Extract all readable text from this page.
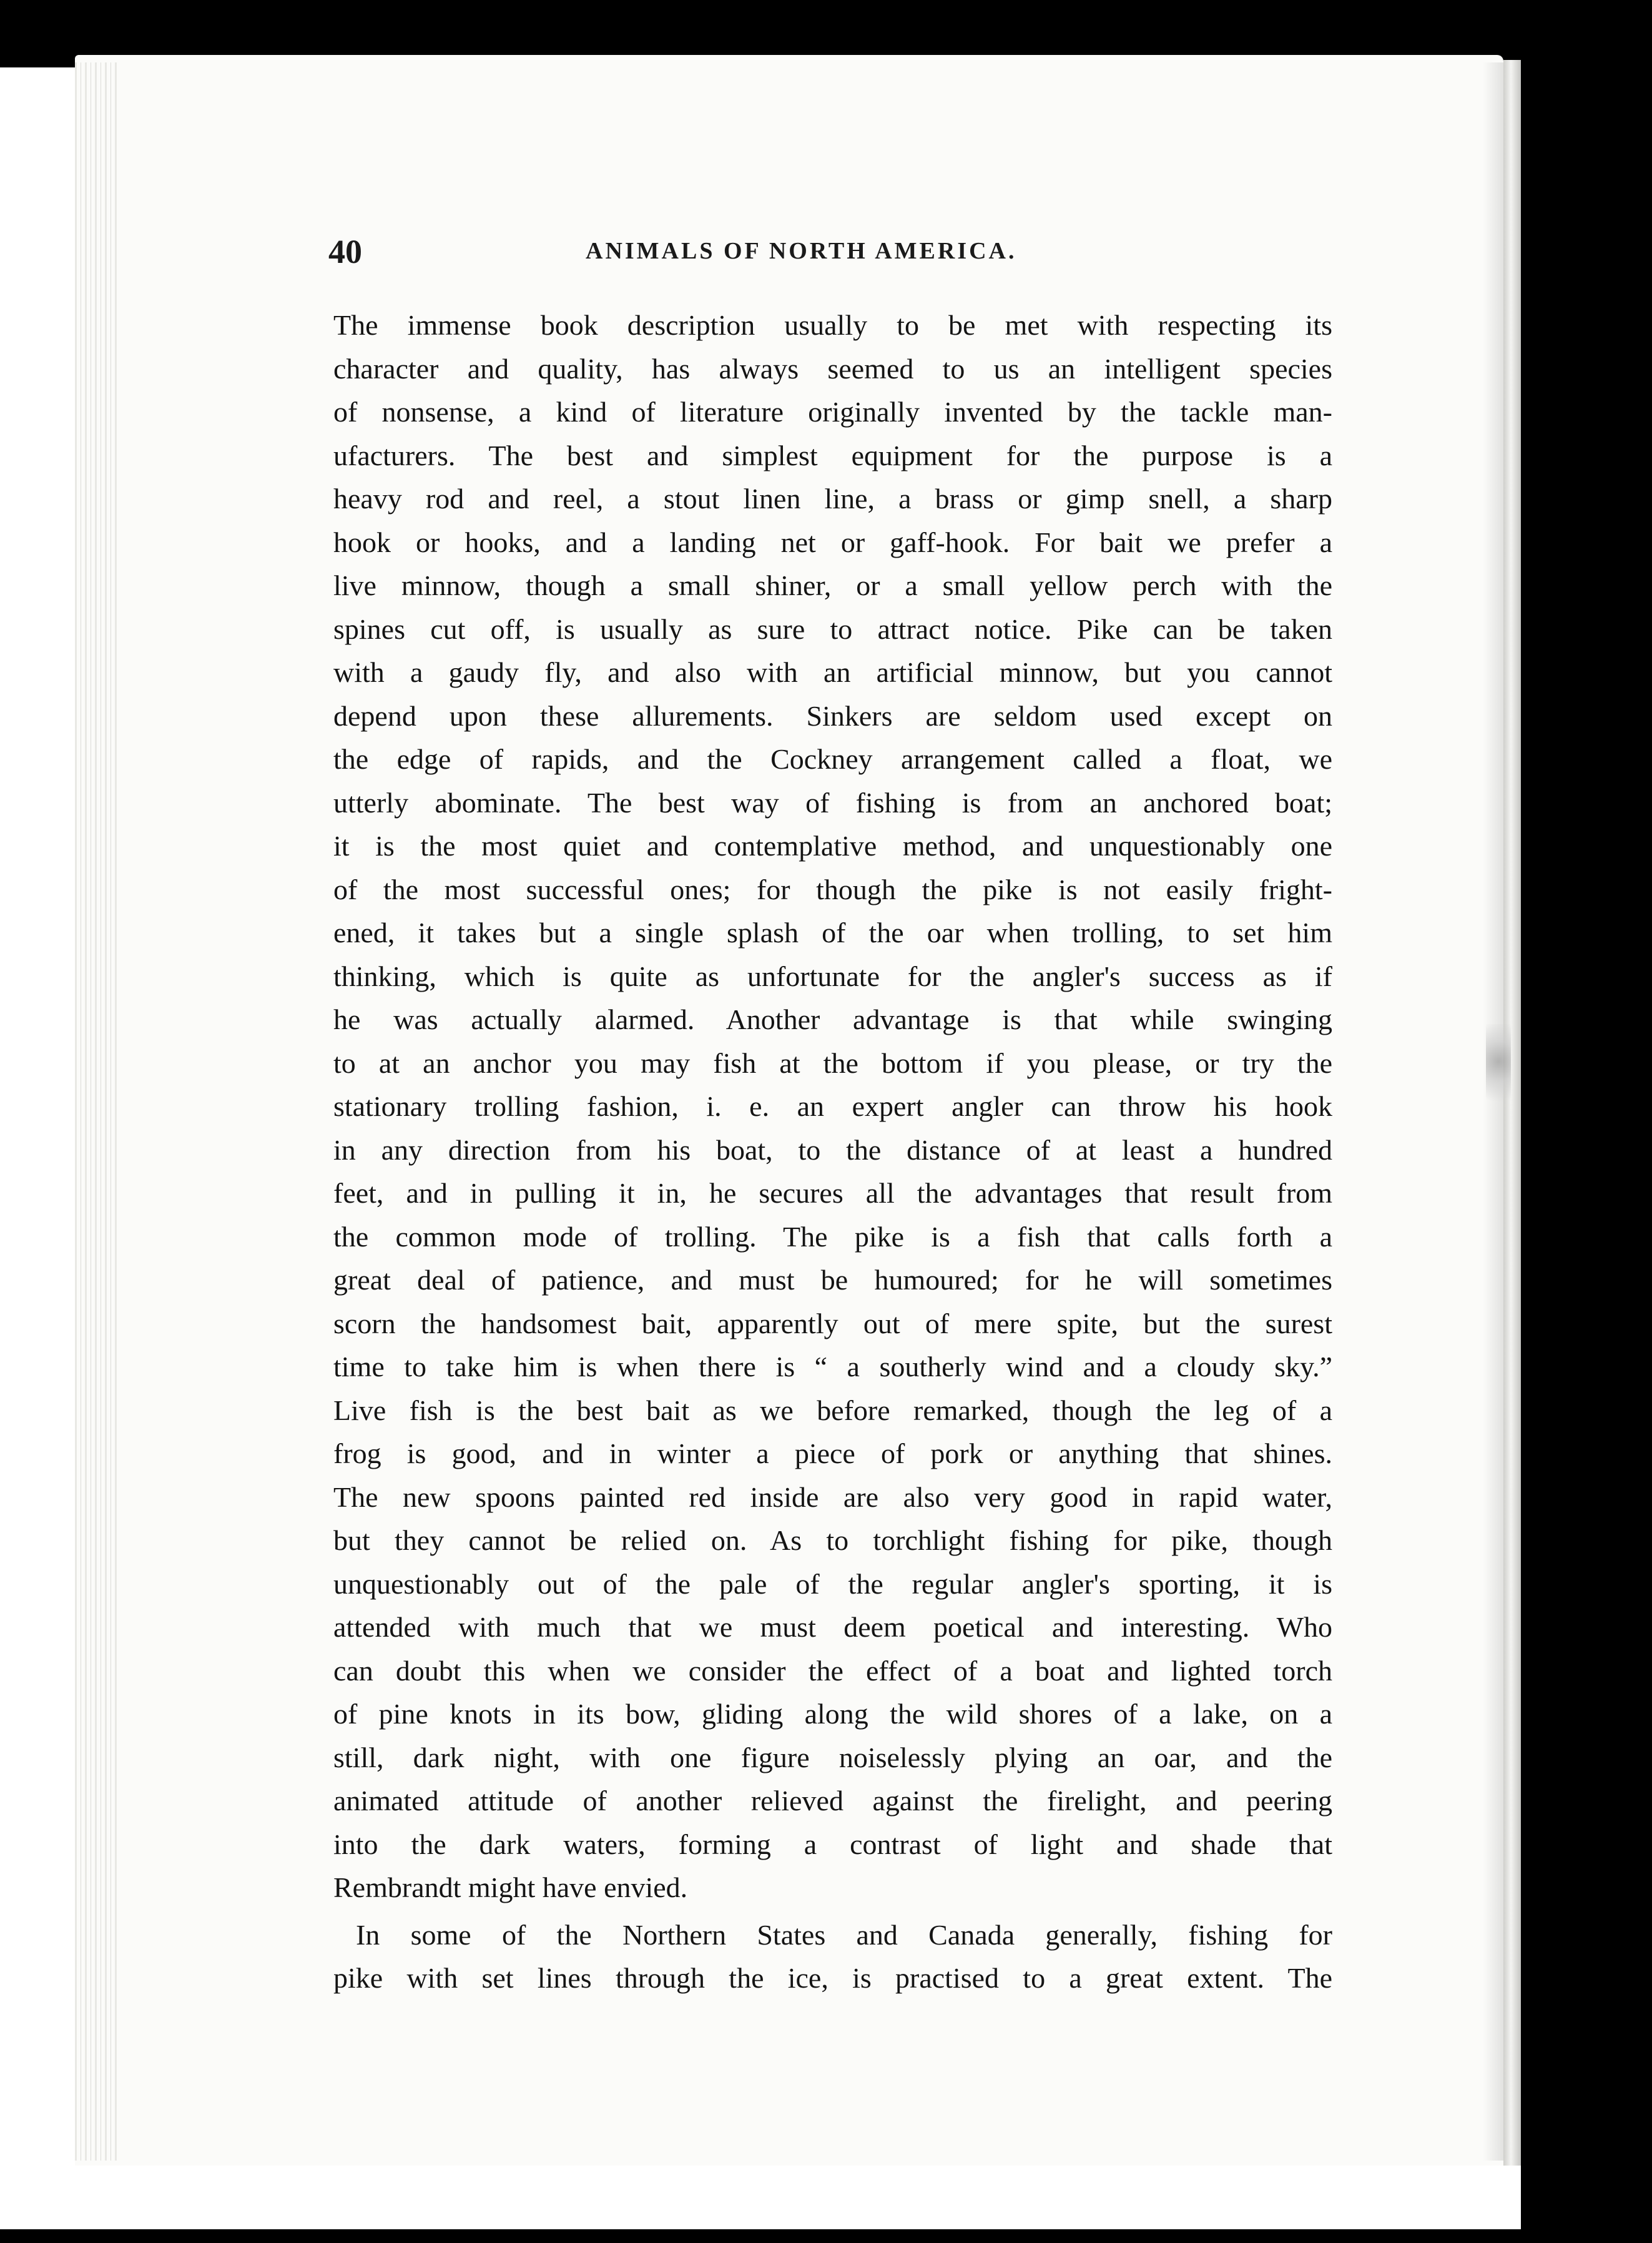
40	ANIMALS OF NORTH AMERICA.
The immense book description usually to be met with respecting its
character and quality, has always seemed to us an intelligent species
of nonsense, a kind of literature originally invented by the tackle man-
ufacturers. The best and simplest equipment for the purpose is a
heavy rod and reel, a stout linen line, a brass or gimp snell, a sharp
hook or hooks, and a landing net or gaff-hook. For bait we prefer a
live minnow, though a small shiner, or a small yellow perch with the
spines cut off, is usually as sure to attract notice. Pike can be taken
with a gaudy fly, and also with an artificial minnow, but you cannot
depend upon these allurements. Sinkers are seldom used except on
the edge of rapids, and the Cockney arrangement called a float, we
utterly abominate. The best way of fishing is from an anchored boat;
it is the most quiet and contemplative method, and unquestionably one
of the most successful ones; for though the pike is not easily fright-
ened, it takes but a single splash of the oar when trolling, to set him
thinking, which is quite as unfortunate for the angler's success as if
he was actually alarmed. Another advantage is that while swinging
to at an anchor you may fish at the bottom if you please, or try the
stationary trolling fashion, i. e. an expert angler can throw his hook
in any direction from his boat, to the distance of at least a hundred
feet, and in pulling it in, he secures all the advantages that result from
the common mode of trolling. The pike is a fish that calls forth a
great deal of patience, and must be humoured; for he will sometimes
scorn the handsomest bait, apparently out of mere spite, but the surest
time to take him is when there is “ a southerly wind and a cloudy sky.”
Live fish is the best bait as we before remarked, though the leg of a
frog is good, and in winter a piece of pork or anything that shines.
The new spoons painted red inside are also very good in rapid water,
but they cannot be relied on. As to torchlight fishing for pike, though
unquestionably out of the pale of the regular angler's sporting, it is
attended with much that we must deem poetical and interesting. Who
can doubt this when we consider the effect of a boat and lighted torch
of pine knots in its bow, gliding along the wild shores of a lake, on a
still, dark night, with one figure noiselessly plying an oar, and the
animated attitude of another relieved against the firelight, and peering
into the dark waters, forming a contrast of light and shade that
Rembrandt might have envied.
In some of the Northern States and Canada generally, fishing for
pike with set lines through the ice, is practised to a great extent. The
